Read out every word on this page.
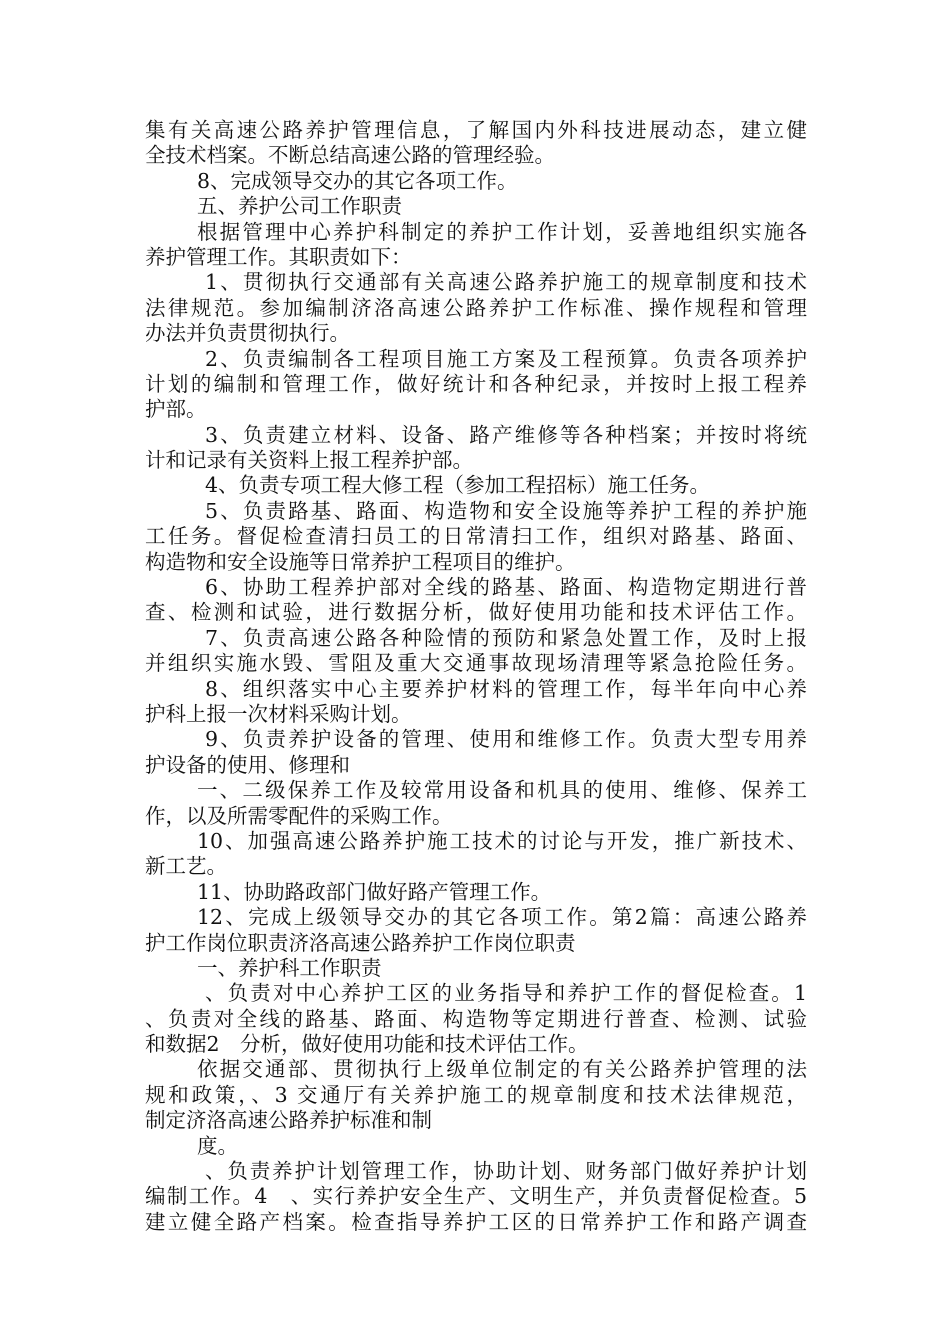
集有关高速公路养护管理信息，了解国内外科技进展动态，建立健
全技术档案。不断总结高速公路的管理经验。
8、完成领导交办的其它各项工作。
五、养护公司工作职责
根据管理中心养护科制定的养护工作计划，妥善地组织实施各
养护管理工作。其职责如下：
1、贯彻执行交通部有关高速公路养护施工的规章制度和技术
法律规范。参加编制济洛高速公路养护工作标准、操作规程和管理
办法并负责贯彻执行。
2、负责编制各工程项目施工方案及工程预算。负责各项养护
计划的编制和管理工作，做好统计和各种纪录，并按时上报工程养
护部。
3、负责建立材料、设备、路产维修等各种档案；并按时将统
计和记录有关资料上报工程养护部。
4、负责专项工程大修工程（参加工程招标）施工任务。
5、负责路基、路面、构造物和安全设施等养护工程的养护施
工任务。督促检查清扫员工的日常清扫工作，组织对路基、路面、
构造物和安全设施等日常养护工程项目的维护。
6、协助工程养护部对全线的路基、路面、构造物定期进行普
查、检测和试验，进行数据分析，做好使用功能和技术评估工作。
7、负责高速公路各种险情的预防和紧急处置工作，及时上报
并组织实施水毁、雪阻及重大交通事故现场清理等紧急抢险任务。
8、组织落实中心主要养护材料的管理工作，每半年向中心养
护科上报一次材料采购计划。
9、负责养护设备的管理、使用和维修工作。负责大型专用养
护设备的使用、修理和
一、二级保养工作及较常用设备和机具的使用、维修、保养工
作，以及所需零配件的采购工作。
10、加强高速公路养护施工技术的讨论与开发，推广新技术、
新工艺。
11、协助路政部门做好路产管理工作。
12、完成上级领导交办的其它各项工作。第2篇：高速公路养
护工作岗位职责济洛高速公路养护工作岗位职责
一、养护科工作职责
、负责对中心养护工区的业务指导和养护工作的督促检查。1
、负责对全线的路基、路面、构造物等定期进行普查、检测、试验
和数据2　分析，做好使用功能和技术评估工作。
依据交通部、贯彻执行上级单位制定的有关公路养护管理的法
规和政策，、3 交通厅有关养护施工的规章制度和技术法律规范，
制定济洛高速公路养护标准和制
度。
、负责养护计划管理工作，协助计划、财务部门做好养护计划
编制工作。4　、实行养护安全生产、文明生产，并负责督促检查。5
建立健全路产档案。检查指导养护工区的日常养护工作和路产调查
